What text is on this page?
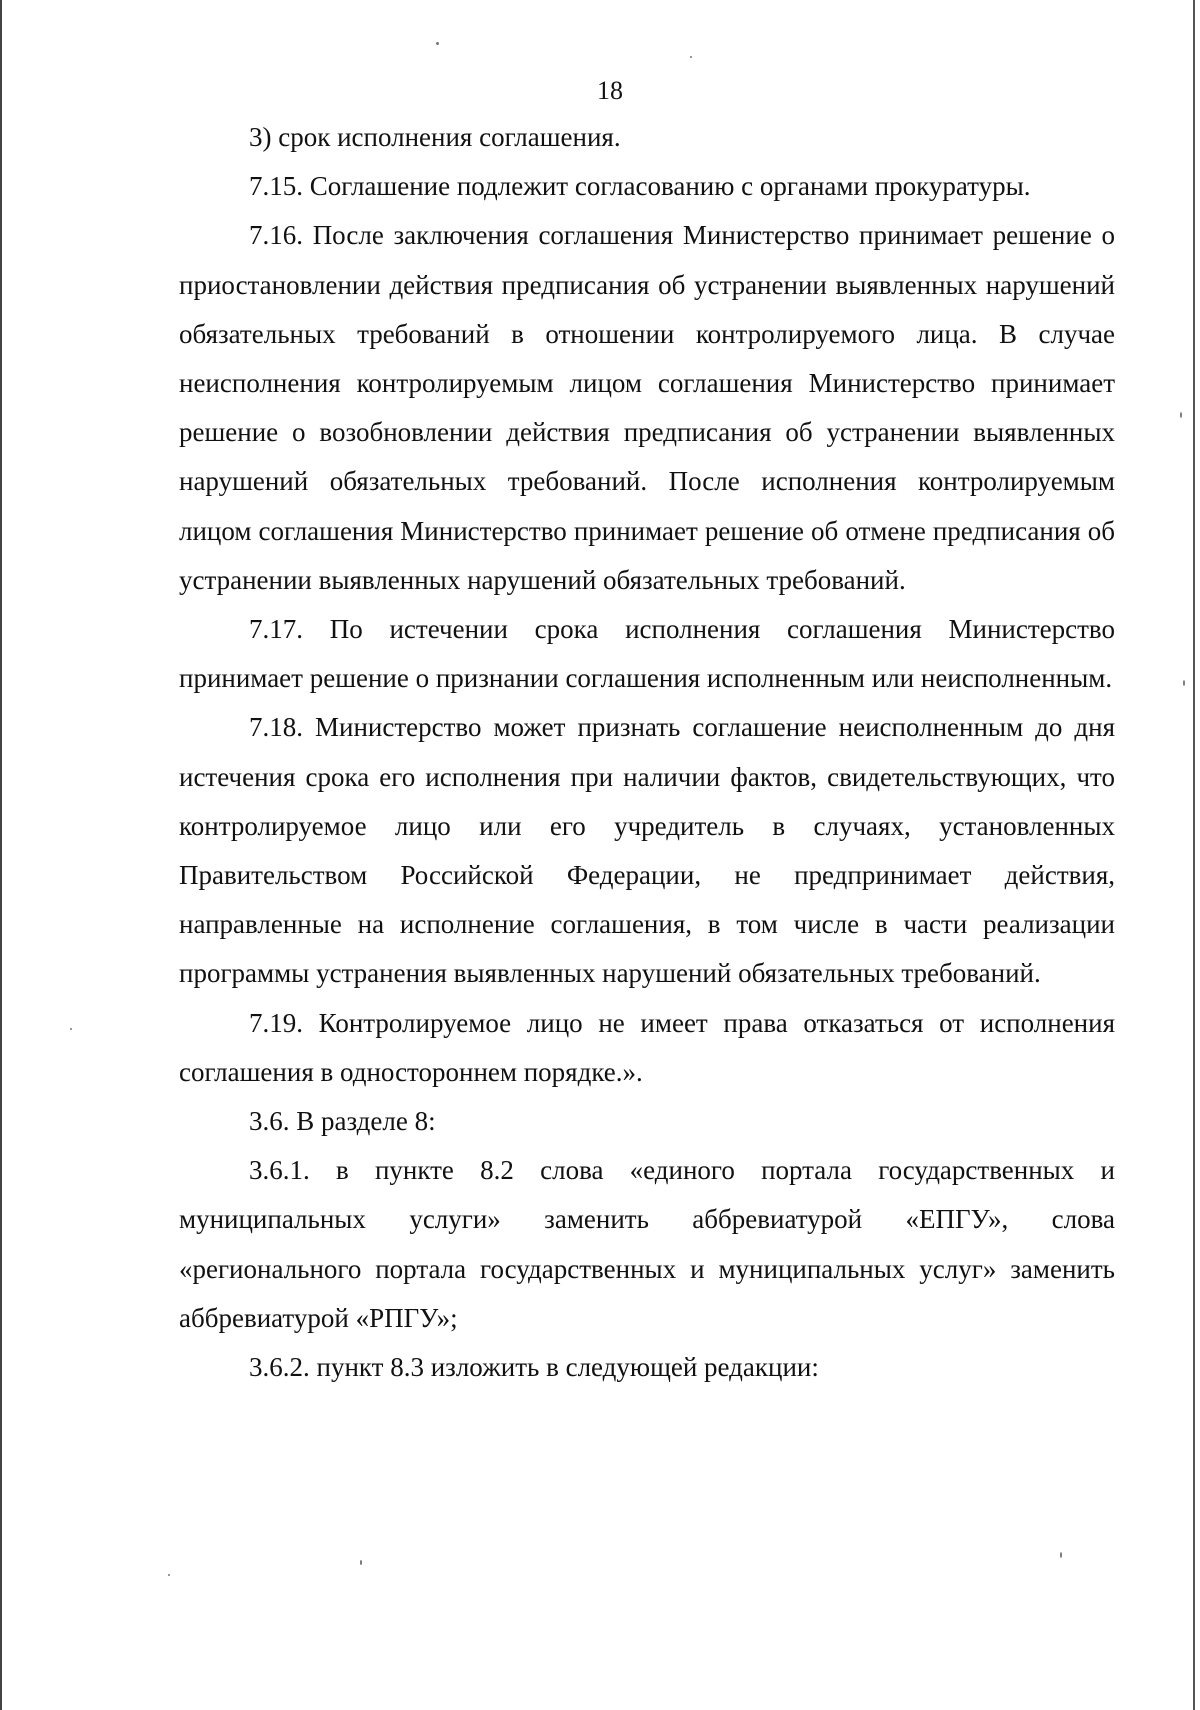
18

3) срок исполнения соглашения.

7.15. Соглашение подлежит согласованию с органами прокуратуры.

7.16. После заключения соглашения Министерство принимает решение о приостановлении действия предписания об устранении выявленных нарушений обязательных требований в отношении контролируемого лица. В случае неисполнения контролируемым лицом соглашения Министерство принимает решение о возобновлении действия предписания об устранении выявленных нарушений обязательных требований. После исполнения контролируемым лицом соглашения Министерство принимает решение об отмене предписания об устранении выявленных нарушений обязательных требований.

7.17. По истечении срока исполнения соглашения Министерство принимает решение о признании соглашения исполненным или неисполненным.

7.18. Министерство может признать соглашение неисполненным до дня истечения срока его исполнения при наличии фактов, свидетельствующих, что контролируемое лицо или его учредитель в случаях, установленных Правительством Российской Федерации, не предпринимает действия, направленные на исполнение соглашения, в том числе в части реализации программы устранения выявленных нарушений обязательных требований.

7.19. Контролируемое лицо не имеет права отказаться от исполнения соглашения в одностороннем порядке.».

3.6. В разделе 8:

3.6.1. в пункте 8.2 слова «единого портала государственных и муниципальных услуги» заменить аббревиатурой «ЕПГУ», слова «регионального портала государственных и муниципальных услуг» заменить аббревиатурой «РПГУ»;

3.6.2. пункт 8.3 изложить в следующей редакции:
